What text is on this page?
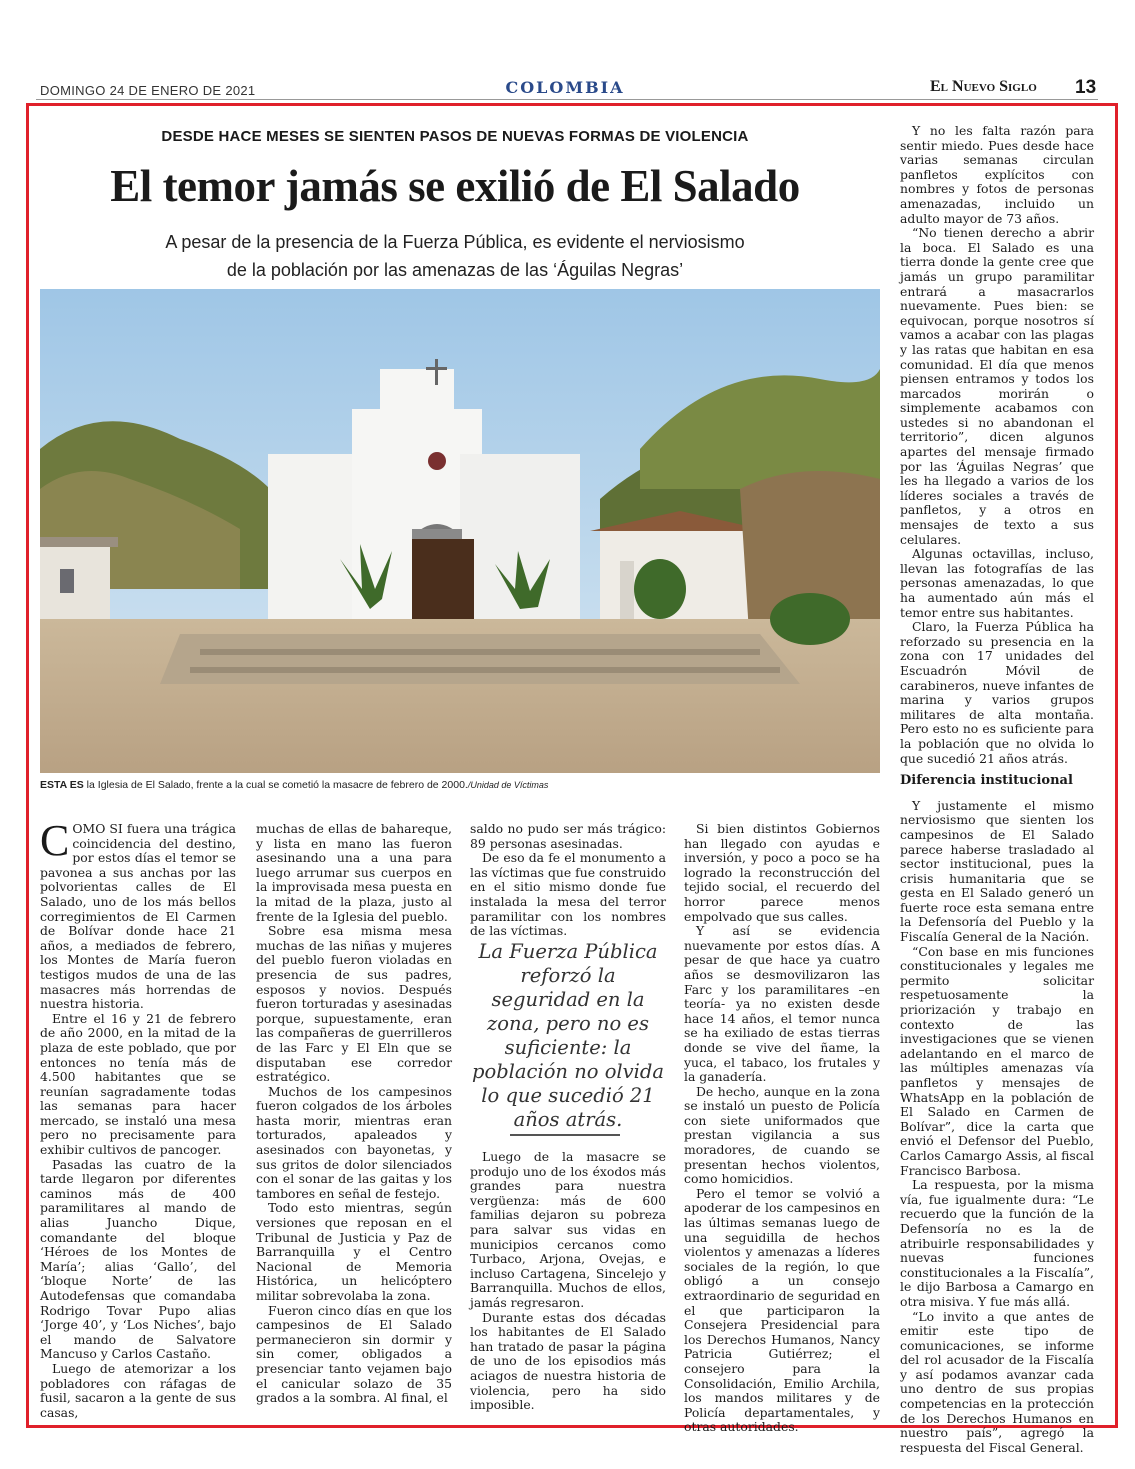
DOMINGO 24 DE ENERO DE 2021	COLOMBIA	El Nuevo Siglo 13
DESDE HACE MESES SE SIENTEN PASOS DE NUEVAS FORMAS DE VIOLENCIA
El temor jamás se exilió de El Salado
A pesar de la presencia de la Fuerza Pública, es evidente el nerviosismo
de la población por las amenazas de las ‘Águilas Negras’
ESTA ES la Iglesia de El Salado, frente a la cual se cometió la masacre de febrero de 2000./Unidad de Víctimas

COMO SI fuera una trágica coincidencia del destino, por estos días el temor se pavonea a sus anchas por las polvorientas calles de El Salado, uno de los más bellos corregimientos de El Carmen de Bolívar donde hace 21 años, a mediados de febrero, los Montes de María fueron testigos mudos de una de las masacres más horrendas de nuestra historia.

Entre el 16 y 21 de febrero de año 2000, en la mitad de la plaza de este poblado, que por entonces no tenía más de 4.500 habitantes que se reunían sagradamente todas las semanas para hacer mercado, se instaló una mesa pero no precisamente para exhibir cultivos de pancoger.

Pasadas las cuatro de la tarde llegaron por diferentes caminos más de 400 paramilitares al mando de alias Juancho Dique, comandante del bloque ‘Héroes de los Montes de María’; alias ‘Gallo’, del ‘bloque Norte’ de las Autodefensas que comandaba Rodrigo Tovar Pupo alias ‘Jorge 40’, y ‘Los Niches’, bajo el mando de Salvatore Mancuso y Carlos Castaño.

Luego de atemorizar a los pobladores con ráfagas de fusil, sacaron a la gente de sus casas,

muchas de ellas de bahareque, y lista en mano las fueron asesinando una a una para luego arrumar sus cuerpos en la improvisada mesa puesta en la mitad de la plaza, justo al frente de la Iglesia del pueblo.

Sobre esa misma mesa muchas de las niñas y mujeres del pueblo fueron violadas en presencia de sus padres, esposos y novios. Después fueron torturadas y asesinadas porque, supuestamente, eran las compañeras de guerrilleros de las Farc y El Eln que se disputaban ese corredor estratégico.

Muchos de los campesinos fueron colgados de los árboles hasta morir, mientras eran torturados, apaleados y asesinados con bayonetas, y sus gritos de dolor silenciados con el sonar de las gaitas y los tambores en señal de festejo.

Todo esto mientras, según versiones que reposan en el Tribunal de Justicia y Paz de Barranquilla y el Centro Nacional de Memoria Histórica, un helicóptero militar sobrevolaba la zona.

Fueron cinco días en que los campesinos de El Salado permanecieron sin dormir y sin comer, obligados a presenciar tanto vejamen bajo el canicular solazo de 35 grados a la sombra. Al final, el

saldo no pudo ser más trágico: 89 personas asesinadas.

De eso da fe el monumento a las víctimas que fue construido en el sitio mismo donde fue instalada la mesa del terror paramilitar con los nombres de las víctimas.

La Fuerza Pública reforzó la seguridad en la zona, pero no es suficiente: la población no olvida lo que sucedió 21 años atrás.

Luego de la masacre se produjo uno de los éxodos más grandes para nuestra vergüenza: más de 600 familias dejaron su pobreza para salvar sus vidas en municipios cercanos como Turbaco, Arjona, Ovejas, e incluso Cartagena, Sincelejo y Barranquilla. Muchos de ellos, jamás regresaron.

Durante estas dos décadas los habitantes de El Salado han tratado de pasar la página de uno de los episodios más aciagos de nuestra historia de violencia, pero ha sido imposible.

Si bien distintos Gobiernos han llegado con ayudas e inversión, y poco a poco se ha logrado la reconstrucción del tejido social, el recuerdo del horror parece menos empolvado que sus calles.

Y así se evidencia nuevamente por estos días. A pesar de que hace ya cuatro años se desmovilizaron las Farc y los paramilitares –en teoría- ya no existen desde hace 14 años, el temor nunca se ha exiliado de estas tierras donde se vive del ñame, la yuca, el tabaco, los frutales y la ganadería.

De hecho, aunque en la zona se instaló un puesto de Policía con siete uniformados que prestan vigilancia a sus moradores, de cuando se presentan hechos violentos, como homicidios.

Pero el temor se volvió a apoderar de los campesinos en las últimas semanas luego de una seguidilla de hechos violentos y amenazas a líderes sociales de la región, lo que obligó a un consejo extraordinario de seguridad en el que participaron la Consejera Presidencial para los Derechos Humanos, Nancy Patricia Gutiérrez; el consejero para la Consolidación, Emilio Archila, los mandos militares y de Policía departamentales, y otras autoridades.

Y no les falta razón para sentir miedo. Pues desde hace varias semanas circulan panfletos explícitos con nombres y fotos de personas amenazadas, incluido un adulto mayor de 73 años.

“No tienen derecho a abrir la boca. El Salado es una tierra donde la gente cree que jamás un grupo paramilitar entrará a masacrarlos nuevamente. Pues bien: se equivocan, porque nosotros sí vamos a acabar con las plagas y las ratas que habitan en esa comunidad. El día que menos piensen entramos y todos los marcados morirán o simplemente acabamos con ustedes si no abandonan el territorio”, dicen algunos apartes del mensaje firmado por las ‘Águilas Negras’ que les ha llegado a varios de los líderes sociales a través de panfletos, y a otros en mensajes de texto a sus celulares.

Algunas octavillas, incluso, llevan las fotografías de las personas amenazadas, lo que ha aumentado aún más el temor entre sus habitantes.

Claro, la Fuerza Pública ha reforzado su presencia en la zona con 17 unidades del Escuadrón Móvil de carabineros, nueve infantes de marina y varios grupos militares de alta montaña. Pero esto no es suficiente para la población que no olvida lo que sucedió 21 años atrás.

Diferencia institucional

Y justamente el mismo nerviosismo que sienten los campesinos de El Salado parece haberse trasladado al sector institucional, pues la crisis humanitaria que se gesta en El Salado generó un fuerte roce esta semana entre la Defensoría del Pueblo y la Fiscalía General de la Nación.

“Con base en mis funciones constitucionales y legales me permito solicitar respetuosamente la priorización y trabajo en contexto de las investigaciones que se vienen adelantando en el marco de las múltiples amenazas vía panfletos y mensajes de WhatsApp en la población de El Salado en Carmen de Bolívar”, dice la carta que envió el Defensor del Pueblo, Carlos Camargo Assis, al fiscal Francisco Barbosa.

La respuesta, por la misma vía, fue igualmente dura: “Le recuerdo que la función de la Defensoría no es la de atribuirle responsabilidades y nuevas funciones constitucionales a la Fiscalía”, le dijo Barbosa a Camargo en otra misiva. Y fue más allá.

“Lo invito a que antes de emitir este tipo de comunicaciones, se informe del rol acusador de la Fiscalía y así podamos avanzar cada uno dentro de sus propias competencias en la protección de los Derechos Humanos en nuestro país”, agregó la respuesta del Fiscal General.
